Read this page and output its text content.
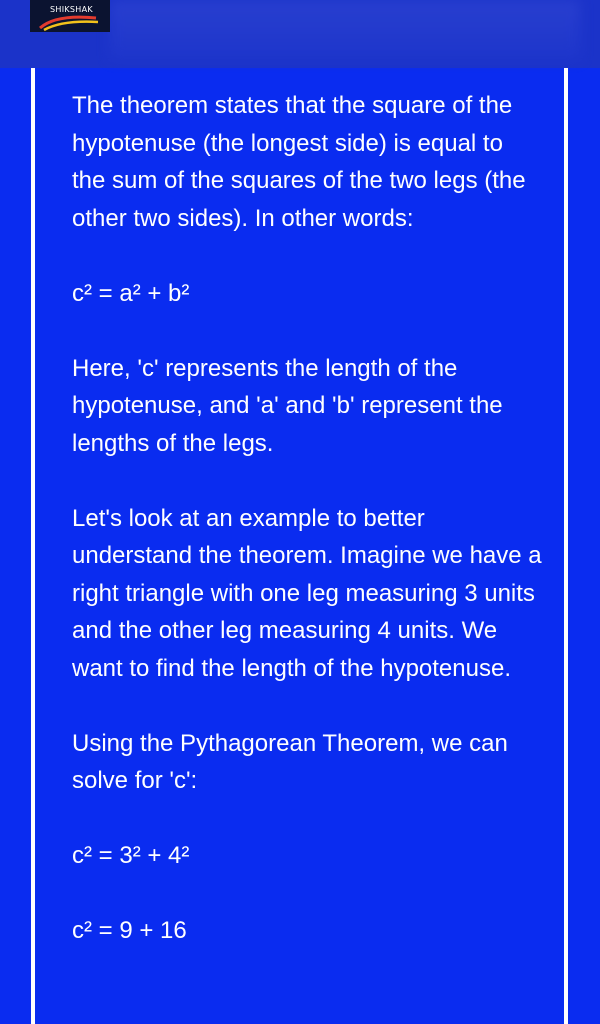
SHIKSHAK

The theorem states that the square of the hypotenuse (the longest side) is equal to the sum of the squares of the two legs (the other two sides). In other words:

c² = a² + b²

Here, 'c' represents the length of the hypotenuse, and 'a' and 'b' represent the lengths of the legs.

Let's look at an example to better understand the theorem. Imagine we have a right triangle with one leg measuring 3 units and the other leg measuring 4 units. We want to find the length of the hypotenuse.

Using the Pythagorean Theorem, we can solve for 'c':

c² = 3² + 4²

c² = 9 + 16
